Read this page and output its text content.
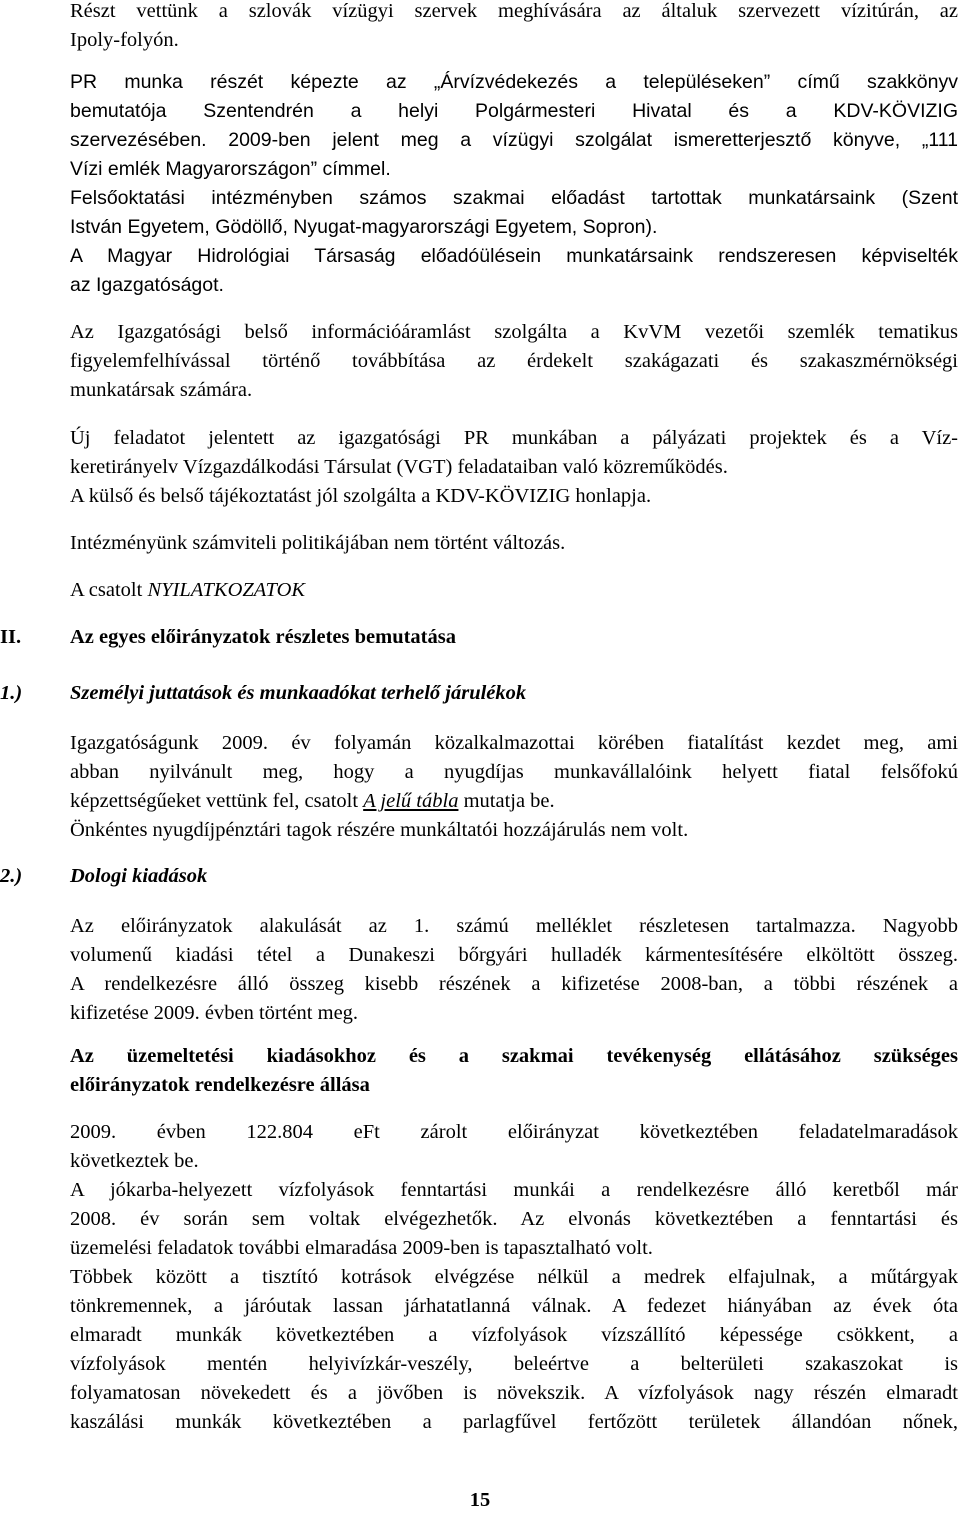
Részt vettünk a szlovák vízügyi szervek meghívására az általuk szervezett vízitúrán, az
Ipoly-folyón.
PR munka részét képezte az „Árvízvédekezés a településeken” című szakkönyv
bemutatója Szentendrén a helyi Polgármesteri Hivatal és a KDV-KÖVIZIG
szervezésében. 2009-ben jelent meg a vízügyi szolgálat ismeretterjesztő könyve, „111
Vízi emlék Magyarországon” címmel.
Felsőoktatási intézményben számos szakmai előadást tartottak munkatársaink (Szent
István Egyetem, Gödöllő, Nyugat-magyarországi Egyetem, Sopron).
A Magyar Hidrológiai Társaság előadóülésein munkatársaink rendszeresen képviselték
az Igazgatóságot.
Az Igazgatósági belső információáramlást szolgálta a KvVM vezetői szemlék tematikus
figyelemfelhívással történő továbbítása az érdekelt szakágazati és szakaszmérnökségi
munkatársak számára.
Új feladatot jelentett az igazgatósági PR munkában a pályázati projektek és a Víz-
keretirányelv Vízgazdálkodási Társulat (VGT) feladataiban való közreműködés.
A külső és belső tájékoztatást jól szolgálta a KDV-KÖVIZIG honlapja.
Intézményünk számviteli politikájában nem történt változás.
A csatolt NYILATKOZATOK
II. Az egyes előirányzatok részletes bemutatása
1.) Személyi juttatások és munkaadókat terhelő járulékok
Igazgatóságunk 2009. év folyamán közalkalmazottai körében fiatalítást kezdet meg, ami
abban nyilvánult meg, hogy a nyugdíjas munkavállalóink helyett fiatal felsőfokú
képzettségűeket vettünk fel, csatolt A jelű tábla mutatja be.
Önkéntes nyugdíjpénztári tagok részére munkáltatói hozzájárulás nem volt.
2.) Dologi kiadások
Az előirányzatok alakulását az 1. számú melléklet részletesen tartalmazza. Nagyobb
volumenű kiadási tétel a Dunakeszi bőrgyári hulladék kármentesítésére elköltött összeg.
A rendelkezésre álló összeg kisebb részének a kifizetése 2008-ban, a többi részének a
kifizetése 2009. évben történt meg.
Az üzemeltetési kiadásokhoz és a szakmai tevékenység ellátásához szükséges
előirányzatok rendelkezésre állása
2009. évben 122.804 eFt zárolt előirányzat következtében feladatelmaradások
következtek be.
A jókarba-helyezett vízfolyások fenntartási munkái a rendelkezésre álló keretből már
2008. év során sem voltak elvégezhetők. Az elvonás következtében a fenntartási és
üzemelési feladatok további elmaradása 2009-ben is tapasztalható volt.
Többek között a tisztító kotrások elvégzése nélkül a medrek elfajulnak, a műtárgyak
tönkremennek, a járóutak lassan járhatatlanná válnak. A fedezet hiányában az évek óta
elmaradt munkák következtében a vízfolyások vízszállító képessége csökkent, a
vízfolyások mentén helyivízkár-veszély, beleértve a belterületi szakaszokat is
folyamatosan növekedett és a jövőben is növekszik. A vízfolyások nagy részén elmaradt
kaszálási munkák következtében a parlagfűvel fertőzött területek állandóan nőnek,
15
